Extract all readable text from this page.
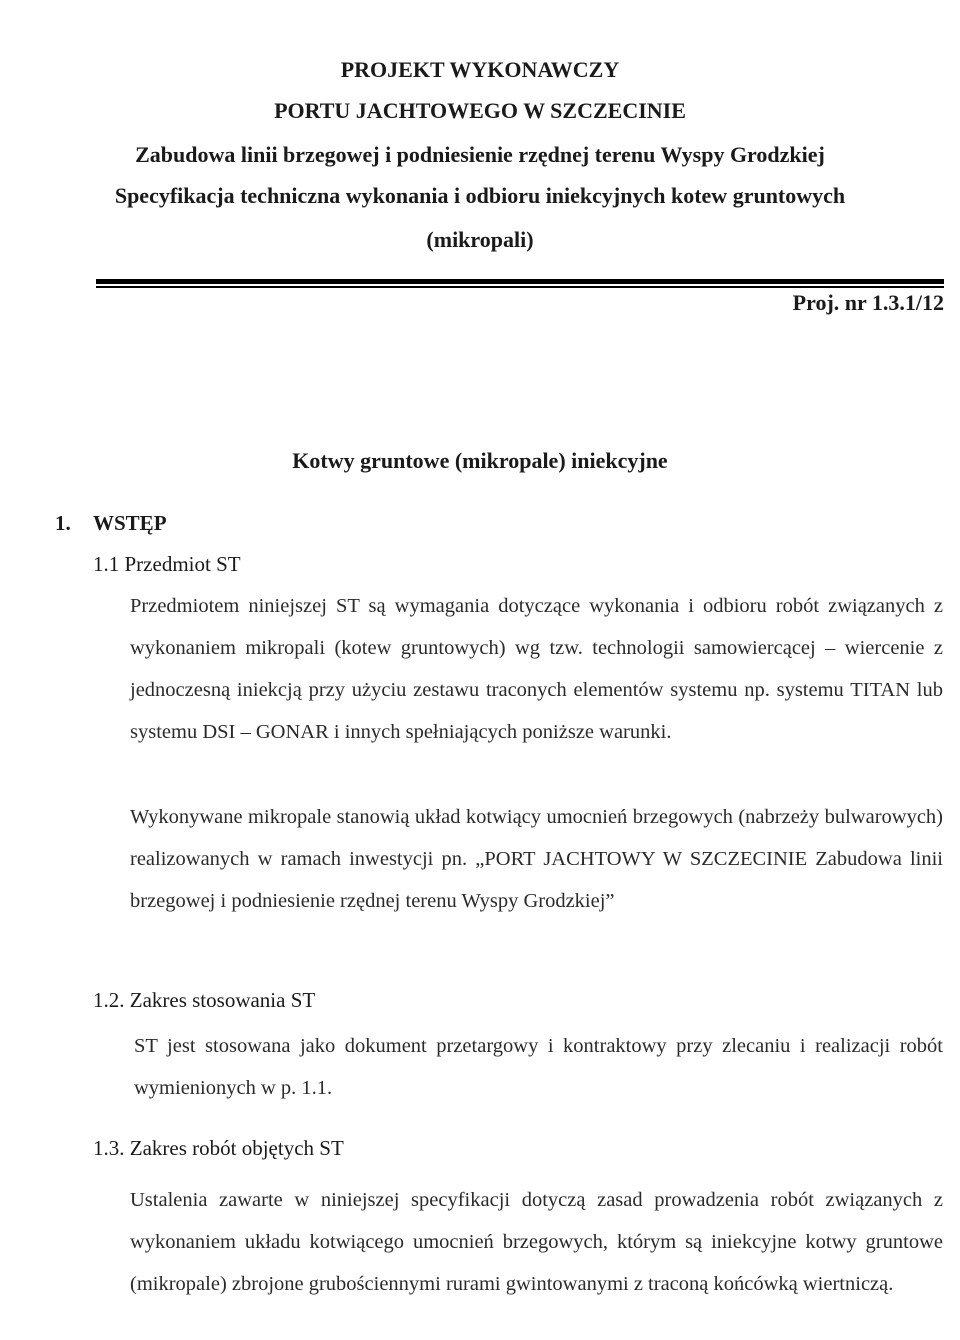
PROJEKT WYKONAWCZY
PORTU JACHTOWEGO W SZCZECINIE
Zabudowa linii brzegowej i podniesienie rzędnej terenu Wyspy Grodzkiej
Specyfikacja techniczna wykonania i odbioru iniekcyjnych kotew gruntowych
(mikropali)
Proj. nr 1.3.1/12
Kotwy gruntowe (mikropale) iniekcyjne
1. WSTĘP
1.1 Przedmiot ST
Przedmiotem niniejszej ST są wymagania dotyczące wykonania i odbioru robót związanych z wykonaniem mikropali (kotew gruntowych) wg tzw. technologii samowiercącej – wiercenie z jednoczesną iniekcją przy użyciu zestawu traconych elementów systemu np. systemu TITAN lub systemu DSI – GONAR i innych spełniających poniższe warunki.
Wykonywane mikropale stanowią układ kotwiący umocnień brzegowych (nabrzeży bulwarowych) realizowanych w ramach inwestycji pn. „PORT JACHTOWY W SZCZECINIE Zabudowa linii brzegowej i podniesienie rzędnej terenu Wyspy Grodzkiej”
1.2. Zakres stosowania ST
ST jest stosowana jako dokument przetargowy i kontraktowy przy zlecaniu i realizacji robót wymienionych w p. 1.1.
1.3. Zakres robót objętych ST
Ustalenia zawarte w niniejszej specyfikacji dotyczą zasad prowadzenia robót związanych z wykonaniem układu kotwiącego umocnień brzegowych, którym są iniekcyjne kotwy gruntowe (mikropale) zbrojone grubościennymi rurami gwintowanymi z traconą końcówką wiertniczą.
